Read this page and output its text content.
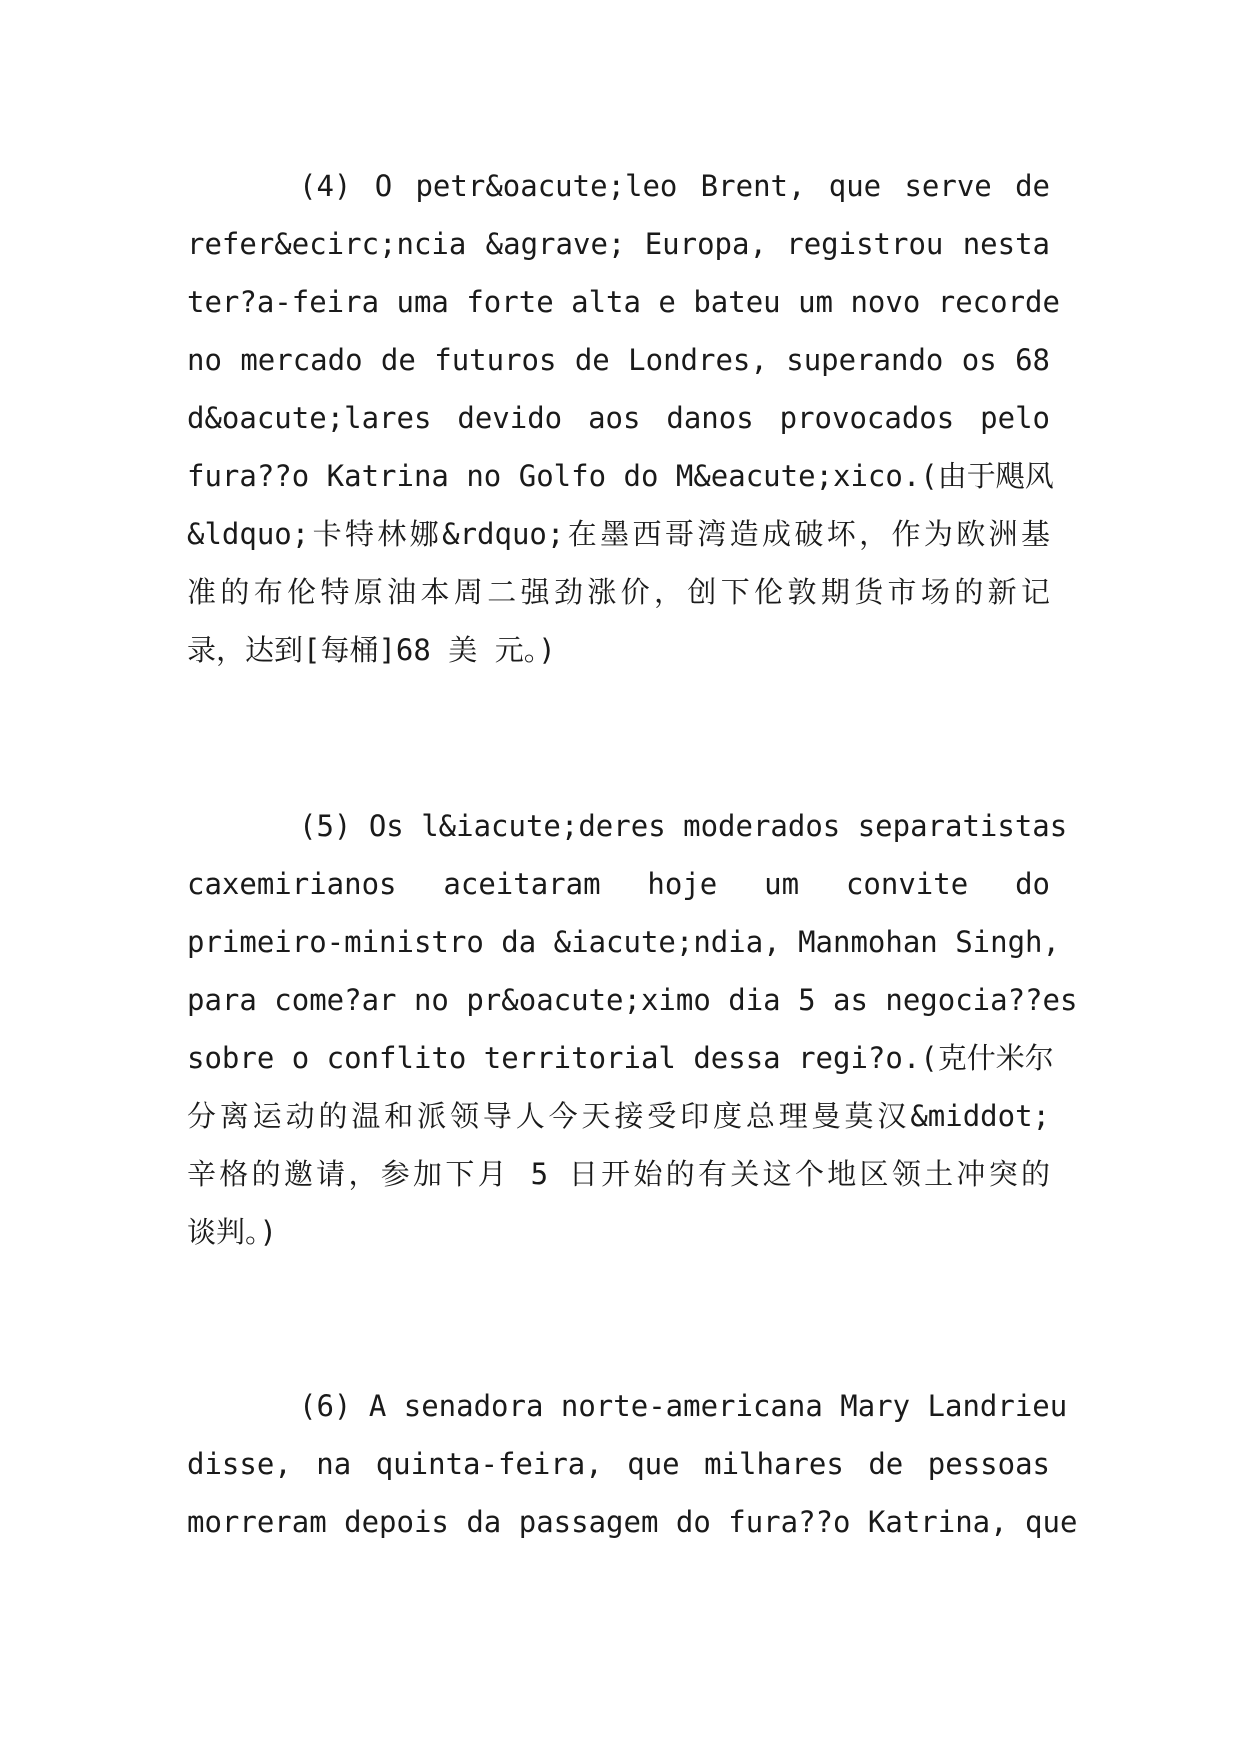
(4) O petr&oacute;leo Brent, que serve de
refer&ecirc;ncia &agrave; Europa, registrou nesta
ter?a-feira uma forte alta e bateu um novo recorde
no mercado de futuros de Londres, superando os 68
d&oacute;lares devido aos danos provocados pelo
fura??o Katrina no Golfo do M&eacute;xico.(由于飓风
&ldquo;卡特林娜&rdquo;在墨西哥湾造成破坏，作为欧洲基
准的布伦特原油本周二强劲涨价，创下伦敦期货市场的新记
录，达到[每桶]68 美 元。)
(5) Os l&iacute;deres moderados separatistas
caxemirianos aceitaram hoje um convite do
primeiro-ministro da &iacute;ndia, Manmohan Singh,
para come?ar no pr&oacute;ximo dia 5 as negocia??es
sobre o conflito territorial dessa regi?o.(克什米尔
分离运动的温和派领导人今天接受印度总理曼莫汉&middot;
辛格的邀请，参加下月 5 日开始的有关这个地区领土冲突的
谈判。)
(6) A senadora norte-americana Mary Landrieu
disse, na quinta-feira, que milhares de pessoas
morreram depois da passagem do fura??o Katrina, que
